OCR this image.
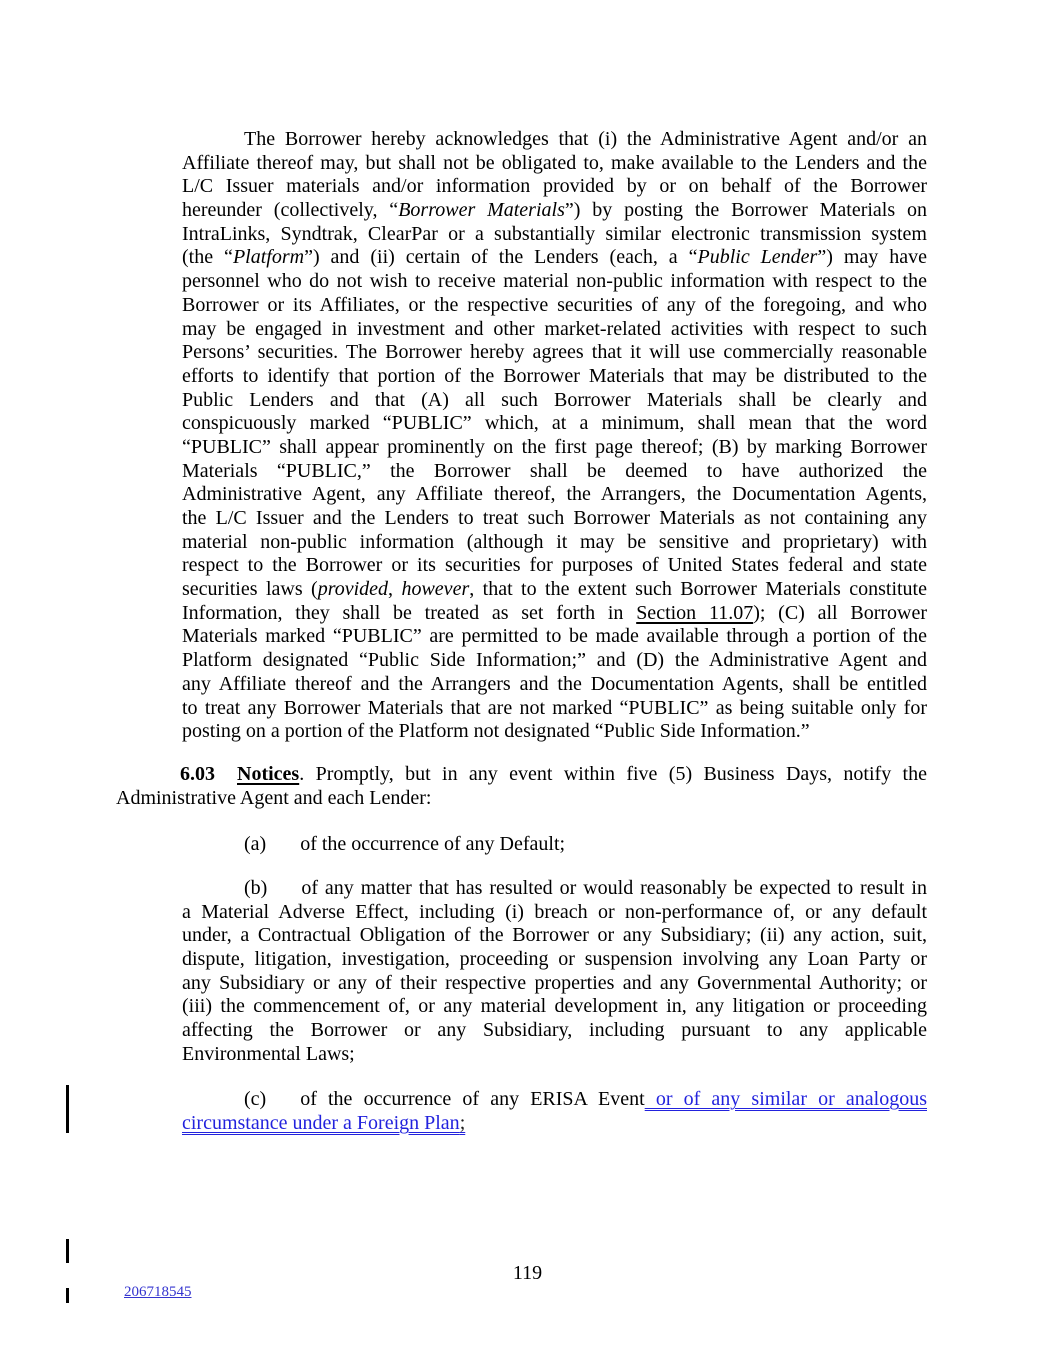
The Borrower hereby acknowledges that (i) the Administrative Agent and/or an
Affiliate thereof may, but shall not be obligated to, make available to the Lenders and the
L/C Issuer materials and/or information provided by or on behalf of the Borrower
hereunder (collectively, “Borrower Materials”) by posting the Borrower Materials on
IntraLinks, Syndtrak, ClearPar or a substantially similar electronic transmission system
(the “Platform”) and (ii) certain of the Lenders (each, a “Public Lender”) may have
personnel who do not wish to receive material non-public information with respect to the
Borrower or its Affiliates, or the respective securities of any of the foregoing, and who
may be engaged in investment and other market-related activities with respect to such
Persons’ securities. The Borrower hereby agrees that it will use commercially reasonable
efforts to identify that portion of the Borrower Materials that may be distributed to the
Public Lenders and that (A) all such Borrower Materials shall be clearly and
conspicuously marked “PUBLIC” which, at a minimum, shall mean that the word
“PUBLIC” shall appear prominently on the first page thereof; (B) by marking Borrower
Materials “PUBLIC,” the Borrower shall be deemed to have authorized the
Administrative Agent, any Affiliate thereof, the Arrangers, the Documentation Agents,
the L/C Issuer and the Lenders to treat such Borrower Materials as not containing any
material non-public information (although it may be sensitive and proprietary) with
respect to the Borrower or its securities for purposes of United States federal and state
securities laws (provided, however, that to the extent such Borrower Materials constitute
Information, they shall be treated as set forth in Section 11.07); (C) all Borrower
Materials marked “PUBLIC” are permitted to be made available through a portion of the
Platform designated “Public Side Information;” and (D) the Administrative Agent and
any Affiliate thereof and the Arrangers and the Documentation Agents, shall be entitled
to treat any Borrower Materials that are not marked “PUBLIC” as being suitable only for
posting on a portion of the Platform not designated “Public Side Information.”
6.03 Notices. Promptly, but in any event within five (5) Business Days, notify the
Administrative Agent and each Lender:
(a) of the occurrence of any Default;
(b) of any matter that has resulted or would reasonably be expected to result in
a Material Adverse Effect, including (i) breach or non-performance of, or any default
under, a Contractual Obligation of the Borrower or any Subsidiary; (ii) any action, suit,
dispute, litigation, investigation, proceeding or suspension involving any Loan Party or
any Subsidiary or any of their respective properties and any Governmental Authority; or
(iii) the commencement of, or any material development in, any litigation or proceeding
affecting the Borrower or any Subsidiary, including pursuant to any applicable
Environmental Laws;
(c) of the occurrence of any ERISA Event or of any similar or analogous
circumstance under a Foreign Plan;
119
206718545
